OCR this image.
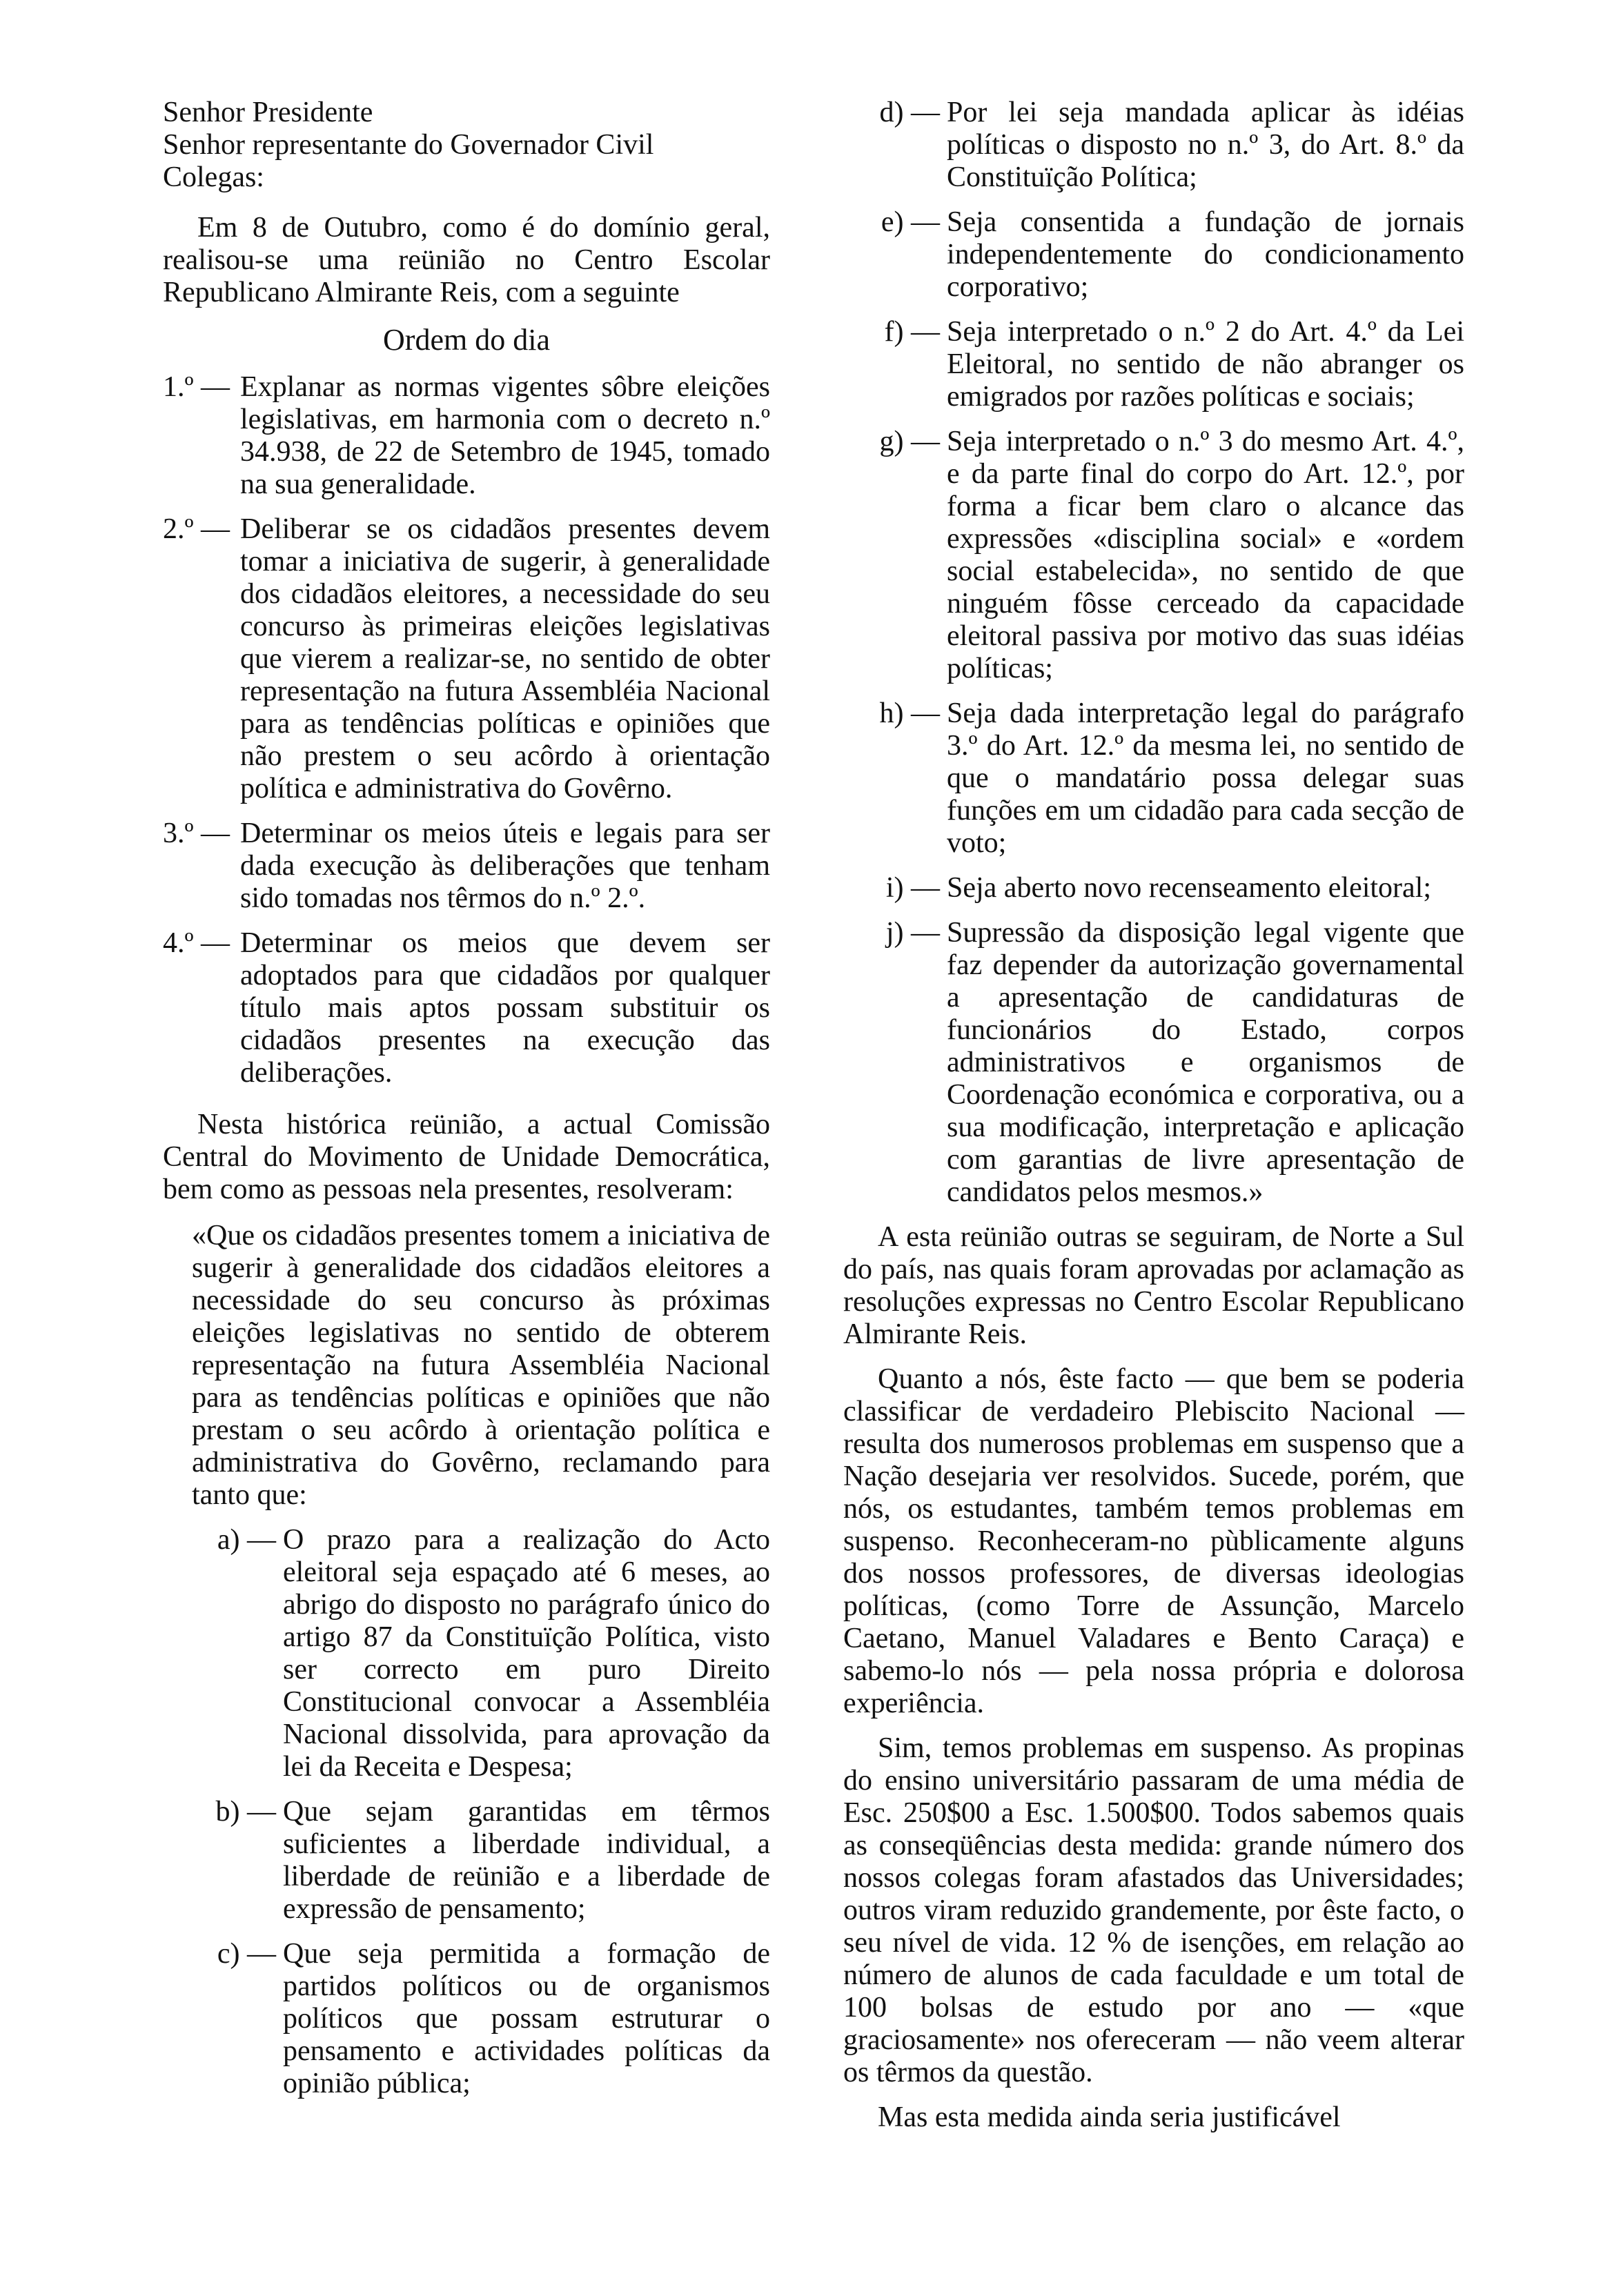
Senhor Presidente
Senhor representante do Governador Civil
Colegas:

Em 8 de Outubro, como é do domínio geral, realisou-se uma reünião no Centro Escolar Republicano Almirante Reis, com a seguinte

Ordem do dia
1.º — Explanar as normas vigentes sôbre eleições legislativas, em harmonia com o decreto n.º 34.938, de 22 de Setembro de 1945, tomado na sua generalidade.
2.º — Deliberar se os cidadãos presentes devem tomar a iniciativa de sugerir, à generalidade dos cidadãos eleitores, a necessidade do seu concurso às primeiras eleições legislativas que vierem a realizar-se, no sentido de obter representação na futura Assembléia Nacional para as tendências políticas e opiniões que não prestem o seu acôrdo à orientação política e administrativa do Govêrno.
3.º — Determinar os meios úteis e legais para ser dada execução às deliberações que tenham sido tomadas nos têrmos do n.º 2.º.
4.º — Determinar os meios que devem ser adoptados para que cidadãos por qualquer título mais aptos possam substituir os cidadãos presentes na execução das deliberações.

Nesta histórica reünião, a actual Comissão Central do Movimento de Unidade Democrática, bem como as pessoas nela presentes, resolveram:

«Que os cidadãos presentes tomem a iniciativa de sugerir à generalidade dos cidadãos eleitores a necessidade do seu concurso às próximas eleições legislativas no sentido de obterem representação na futura Assembléia Nacional para as tendências políticas e opiniões que não prestam o seu acôrdo à orientação política e administrativa do Govêrno, reclamando para tanto que:

a) — O prazo para a realização do Acto eleitoral seja espaçado até 6 meses, ao abrigo do disposto no parágrafo único do artigo 87 da Constituïção Política, visto ser correcto em puro Direito Constitucional convocar a Assembléia Nacional dissolvida, para aprovação da lei da Receita e Despesa;
b) — Que sejam garantidas em têrmos suficientes a liberdade individual, a liberdade de reünião e a liberdade de expressão de pensamento;
c) — Que seja permitida a formação de partidos políticos ou de organismos políticos que possam estruturar o pensamento e actividades políticas da opinião pública;
d) — Por lei seja mandada aplicar às idéias políticas o disposto no n.º 3, do Art. 8.º da Constituïção Política;
e) — Seja consentida a fundação de jornais independentemente do condicionamento corporativo;
f) — Seja interpretado o n.º 2 do Art. 4.º da Lei Eleitoral, no sentido de não abranger os emigrados por razões políticas e sociais;
g) — Seja interpretado o n.º 3 do mesmo Art. 4.º, e da parte final do corpo do Art. 12.º, por forma a ficar bem claro o alcance das expressões «disciplina social» e «ordem social estabelecida», no sentido de que ninguém fôsse cerceado da capacidade eleitoral passiva por motivo das suas idéias políticas;
h) — Seja dada interpretação legal do parágrafo 3.º do Art. 12.º da mesma lei, no sentido de que o mandatário possa delegar suas funções em um cidadão para cada secção de voto;
i) — Seja aberto novo recenseamento eleitoral;
j) — Supressão da disposição legal vigente que faz depender da autorização governamental a apresentação de candidaturas de funcionários do Estado, corpos administrativos e organismos de Coordenação económica e corporativa, ou a sua modificação, interpretação e aplicação com garantias de livre apresentação de candidatos pelos mesmos.»

A esta reünião outras se seguiram, de Norte a Sul do país, nas quais foram aprovadas por aclamação as resoluções expressas no Centro Escolar Republicano Almirante Reis.

Quanto a nós, êste facto — que bem se poderia classificar de verdadeiro Plebiscito Nacional — resulta dos numerosos problemas em suspenso que a Nação desejaria ver resolvidos. Sucede, porém, que nós, os estudantes, também temos problemas em suspenso. Reconheceram-no pùblicamente alguns dos nossos professores, de diversas ideologias políticas, (como Torre de Assunção, Marcelo Caetano, Manuel Valadares e Bento Caraça) e sabemo-lo nós — pela nossa própria e dolorosa experiência.

Sim, temos problemas em suspenso. As propinas do ensino universitário passaram de uma média de Esc. 250$00 a Esc. 1.500$00. Todos sabemos quais as conseqüências desta medida: grande número dos nossos colegas foram afastados das Universidades; outros viram reduzido grandemente, por êste facto, o seu nível de vida. 12 % de isenções, em relação ao número de alunos de cada faculdade e um total de 100 bolsas de estudo por ano — «que graciosamente» nos ofereceram — não veem alterar os têrmos da questão.

Mas esta medida ainda seria justificável
